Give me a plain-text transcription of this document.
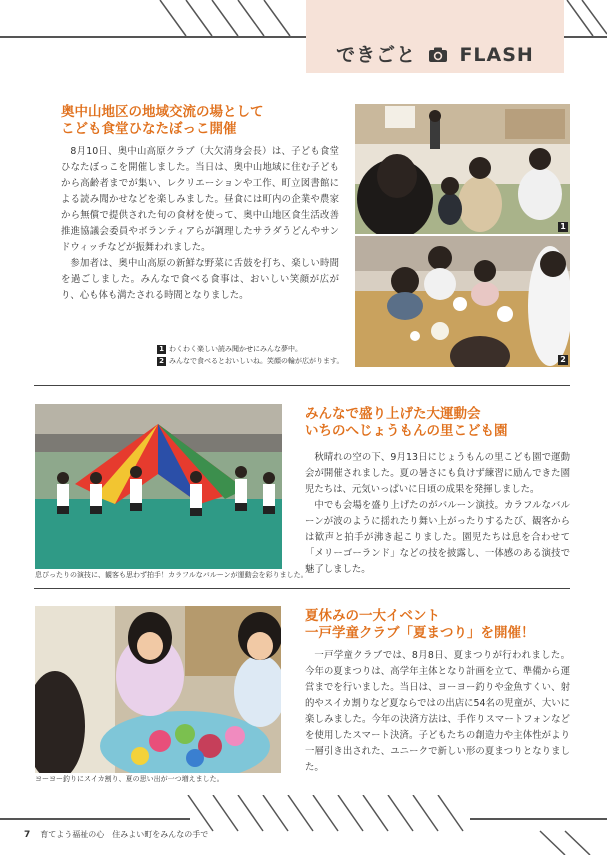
できごと FLASH
奥中山地区の地域交流の場として
こども食堂ひなたぼっこ開催

8月10日、奥中山高原クラブ（大欠清身会長）は、子ども食堂ひなたぼっこを開催しました。当日は、奥中山地域に住む子どもから高齢者までが集い、レクリエーションや工作、町立図書館による読み聞かせなどを楽しみました。昼食には町内の企業や農家から無償で提供された旬の食材を使って、奥中山地区食生活改善推進協議会委員やボランティアらが調理したサラダうどんやサンドウィッチなどが振舞われました。

参加者は、奥中山高原の新鮮な野菜に舌鼓を打ち、楽しい時間を過ごしました。みんなで食べる食事は、おいしい笑顔が広がり、心も体も満たされる時間となりました。

1
2
1 わくわく楽しい読み聞かせにみんな夢中。
2 みんなで食べるとおいしいね。笑顔の輪が広がります。
息ぴったりの演技に、観客も思わず拍手！カラフルなバルーンが運動会を彩りました。
みんなで盛り上げた大運動会
いちのへじょうもんの里こども園

秋晴れの空の下、9月13日にじょうもんの里こども園で運動会が開催されました。夏の暑さにも負けず練習に励んできた園児たちは、元気いっぱいに日頃の成果を発揮しました。

中でも会場を盛り上げたのがバルーン演技。カラフルなバルーンが波のように揺れたり舞い上がったりするたび、観客からは歓声と拍手が沸き起こりました。園児たちは息を合わせて「メリーゴーランド」などの技を披露し、一体感のある演技で魅了しました。

ヨーヨー釣りにスイカ割り、夏の思い出が一つ増えました。
夏休みの一大イベント
一戸学童クラブ「夏まつり」を開催！

一戸学童クラブでは、8月8日、夏まつりが行われました。今年の夏まつりは、高学年主体となり計画を立て、準備から運営までを行いました。当日は、ヨーヨー釣りや金魚すくい、射的やスイカ割りなど夏ならではの出店に54名の児童が、大いに楽しみました。今年の決済方法は、手作りスマートフォンなどを使用したスマート決済。子どもたちの創造力や主体性がより一層引き出された、ユニークで新しい形の夏まつりとなりました。

7 育てよう福祉の心　住みよい町をみんなの手で
